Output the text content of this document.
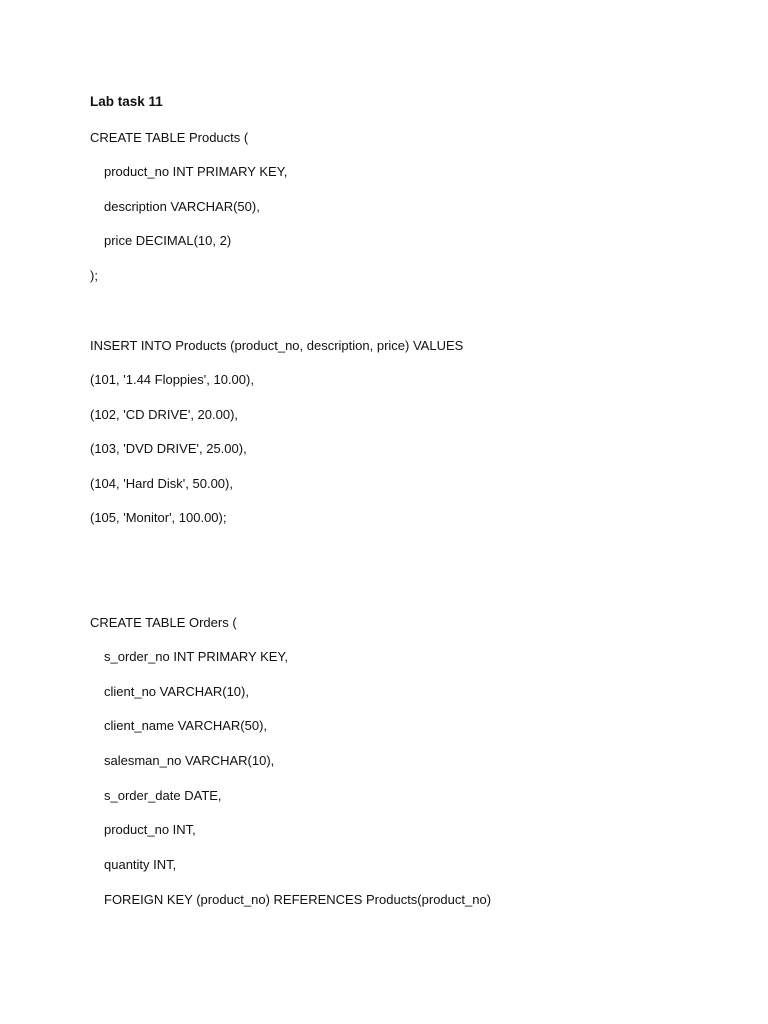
Lab task 11
CREATE TABLE Products (
product_no INT PRIMARY KEY,
description VARCHAR(50),
price DECIMAL(10, 2)
);
INSERT INTO Products (product_no, description, price) VALUES
(101, '1.44 Floppies', 10.00),
(102, 'CD DRIVE', 20.00),
(103, 'DVD DRIVE', 25.00),
(104, 'Hard Disk', 50.00),
(105, 'Monitor', 100.00);
CREATE TABLE Orders (
s_order_no INT PRIMARY KEY,
client_no VARCHAR(10),
client_name VARCHAR(50),
salesman_no VARCHAR(10),
s_order_date DATE,
product_no INT,
quantity INT,
FOREIGN KEY (product_no) REFERENCES Products(product_no)
